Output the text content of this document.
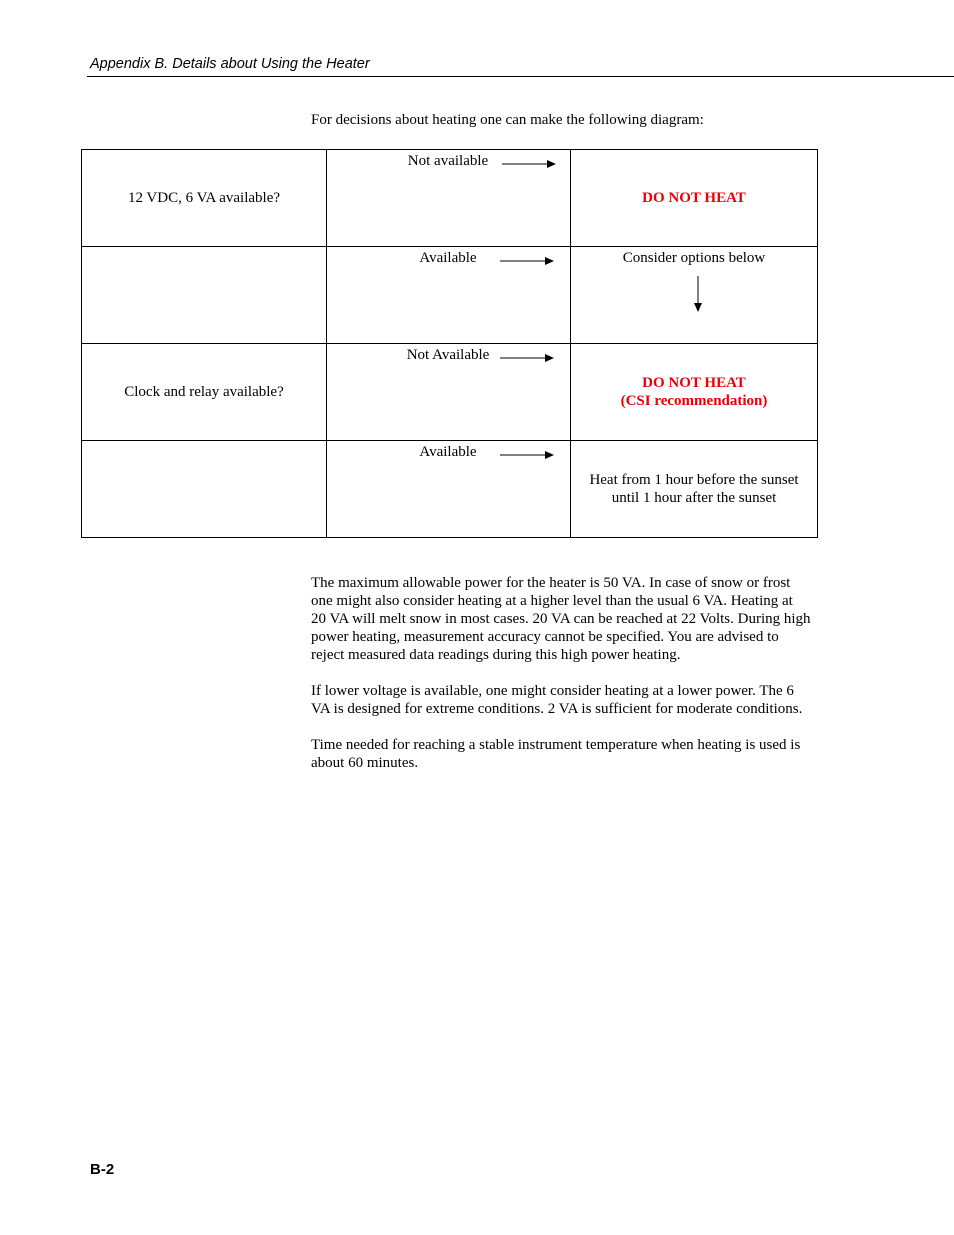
Appendix B. Details about Using the Heater
For decisions about heating one can make the following diagram:
12 VDC, 6 VA available?	Not available	DO NOT HEAT

	Available	Consider options below

Clock and relay available?	Not Available	DO NOT HEAT
(CSI recommendation)

	Available	Heat from 1 hour before the sunset
until 1 hour after the sunset

The maximum allowable power for the heater is 50 VA. In case of snow or frost one might also consider heating at a higher level than the usual 6 VA. Heating at 20 VA will melt snow in most cases. 20 VA can be reached at 22 Volts. During high power heating, measurement accuracy cannot be specified. You are advised to reject measured data readings during this high power heating.

If lower voltage is available, one might consider heating at a lower power. The 6 VA is designed for extreme conditions. 2 VA is sufficient for moderate conditions.

Time needed for reaching a stable instrument temperature when heating is used is about 60 minutes.

B-2
